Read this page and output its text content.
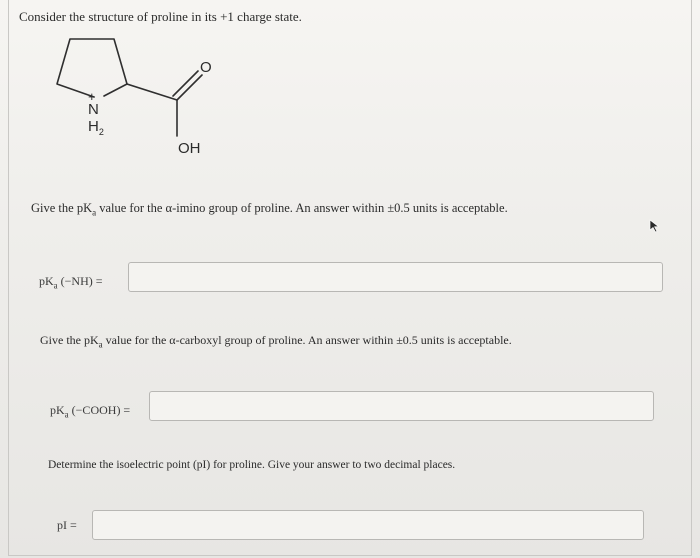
Consider the structure of proline in its +1 charge state.
+
N
$H_2$
O
OH
Give the $pK_a$ value for the α-imino group of proline. An answer within ±0.5 units is acceptable.
$pK_a$ (−NH) =
Give the $pK_a$ value for the α-carboxyl group of proline. An answer within ±0.5 units is acceptable.
$pK_a$ (−COOH) =
Determine the isoelectric point (pI) for proline. Give your answer to two decimal places.
pI =
